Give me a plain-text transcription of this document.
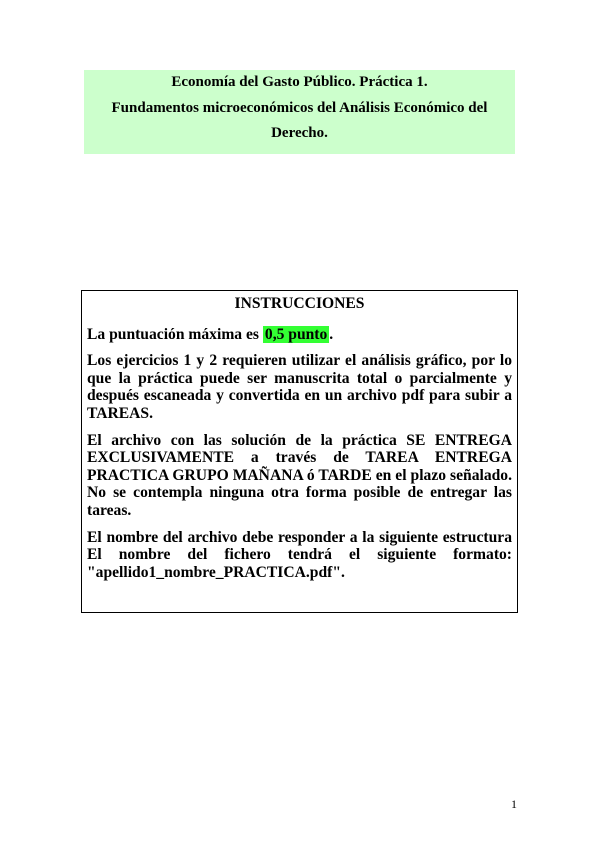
Economía del Gasto Público. Práctica 1.
Fundamentos microeconómicos del Análisis Económico del
Derecho.
INSTRUCCIONES
La puntuación máxima es 0,5 punto .
Los ejercicios 1 y 2 requieren utilizar el análisis gráfico, por lo que la práctica puede ser manuscrita total o parcialmente y después escaneada y convertida en un archivo pdf para subir a TAREAS.
El archivo con las solución de la práctica SE ENTREGA EXCLUSIVAMENTE a través de TAREA ENTREGA PRACTICA GRUPO MAÑANA ó TARDE en el plazo señalado. No se contempla ninguna otra forma posible de entregar las tareas.
El nombre del archivo debe responder a la siguiente estructura El nombre del fichero tendrá el siguiente formato: "apellido1_nombre_PRACTICA.pdf".
1
